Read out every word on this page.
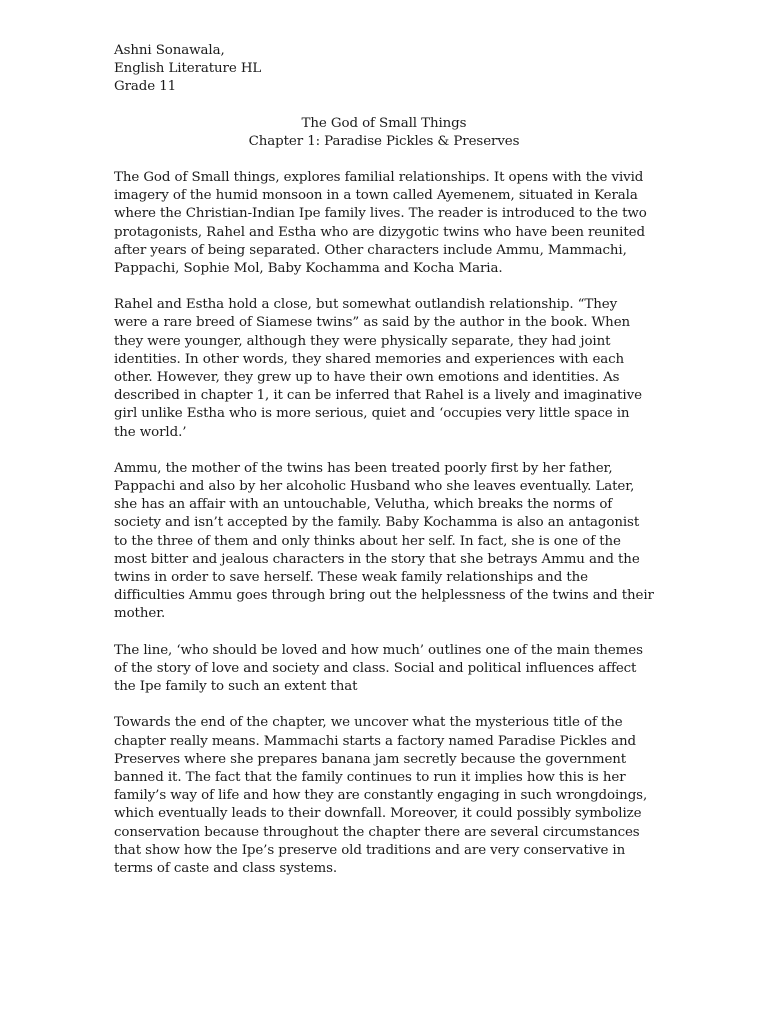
Ashni Sonawala,
English Literature HL
Grade 11
The God of Small Things
Chapter 1: Paradise Pickles & Preserves

The God of Small things, explores familial relationships. It opens with the vivid imagery of the humid monsoon in a town called Ayemenem, situated in Kerala where the Christian-Indian Ipe family lives. The reader is introduced to the two protagonists, Rahel and Estha who are dizygotic twins who have been reunited after years of being separated. Other characters include Ammu, Mammachi, Pappachi, Sophie Mol, Baby Kochamma and Kocha Maria.

Rahel and Estha hold a close, but somewhat outlandish relationship. “They were a rare breed of Siamese twins” as said by the author in the book. When they were younger, although they were physically separate, they had joint identities. In other words, they shared memories and experiences with each other. However, they grew up to have their own emotions and identities. As described in chapter 1, it can be inferred that Rahel is a lively and imaginative girl unlike Estha who is more serious, quiet and ‘occupies very little space in the world.’

Ammu, the mother of the twins has been treated poorly first by her father, Pappachi and also by her alcoholic Husband who she leaves eventually. Later, she has an affair with an untouchable, Velutha, which breaks the norms of society and isn’t accepted by the family. Baby Kochamma is also an antagonist to the three of them and only thinks about her self. In fact, she is one of the most bitter and jealous characters in the story that she betrays Ammu and the twins in order to save herself. These weak family relationships and the difficulties Ammu goes through bring out the helplessness of the twins and their mother.

The line, ‘who should be loved and how much’ outlines one of the main themes of the story of love and society and class. Social and political influences affect the Ipe family to such an extent that

Towards the end of the chapter, we uncover what the mysterious title of the chapter really means. Mammachi starts a factory named Paradise Pickles and Preserves where she prepares banana jam secretly because the government banned it. The fact that the family continues to run it implies how this is her family’s way of life and how they are constantly engaging in such wrongdoings, which eventually leads to their downfall. Moreover, it could possibly symbolize conservation because throughout the chapter there are several circumstances that show how the Ipe’s preserve old traditions and are very conservative in terms of caste and class systems.
